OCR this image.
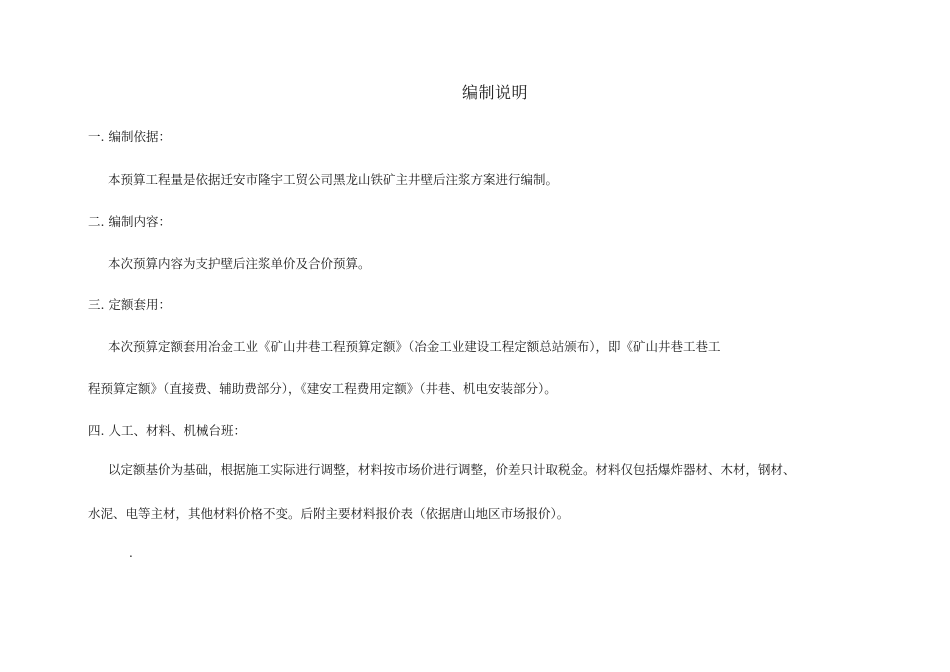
编制说明
一. 编制依据：
本预算工程量是依据迁安市隆宇工贸公司黑龙山铁矿主井壁后注浆方案进行编制。
二. 编制内容：
本次预算内容为支护壁后注浆单价及合价预算。
三. 定额套用：
本次预算定额套用冶金工业《矿山井巷工程预算定额》（冶金工业建设工程定额总站颁布），即《矿山井巷工巷工
程预算定额》（直接费、辅助费部分），《建安工程费用定额》（井巷、机电安装部分）。
四. 人工、材料、机械台班：
以定额基价为基础，根据施工实际进行调整，材料按市场价进行调整，价差只计取税金。材料仅包括爆炸器材、木材，钢材、
水泥、电等主材，其他材料价格不变。后附主要材料报价表（依据唐山地区市场报价）。
.
